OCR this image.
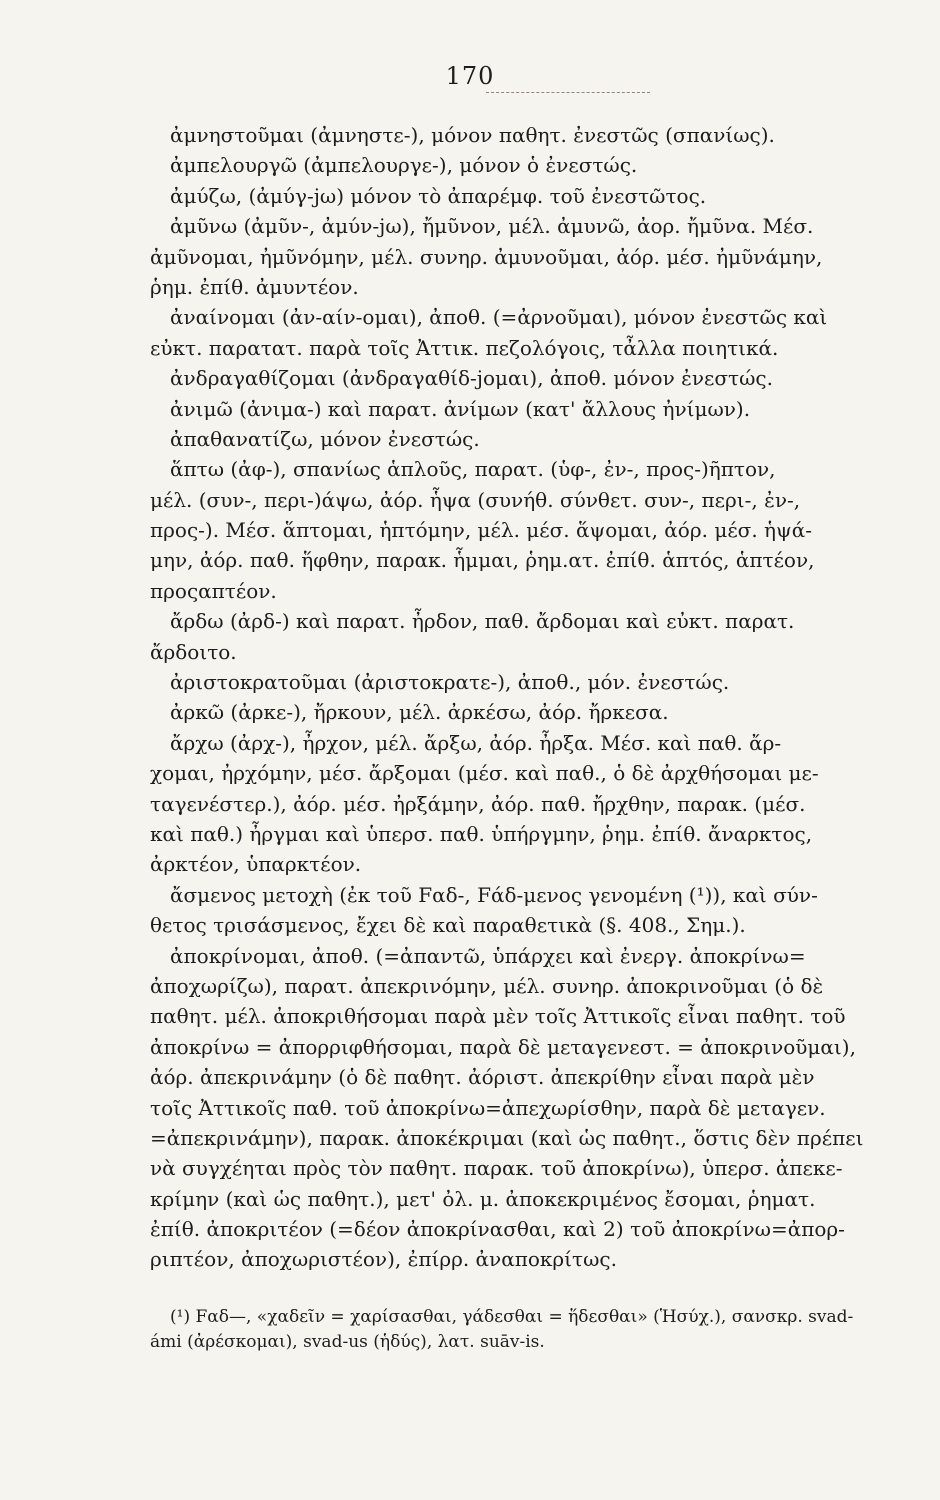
170
ἀμνηστοῦμαι (ἀμνηστε-), μόνον παθητ. ἐνεστῶς (σπανίως).
ἀμπελουργῶ (ἀμπελουργε-), μόνον ὁ ἐνεστώς.
ἀμύζω, (ἀμύγ-jω) μόνον τὸ ἀπαρέμφ. τοῦ ἐνεστῶτος.
ἀμῦνω (ἀμῦν-, ἀμύν-jω), ἤμῦνον, μέλ. ἀμυνῶ, ἀορ. ἤμῦνα. Μέσ.
ἀμῦνομαι, ἠμῦνόμην, μέλ. συνηρ. ἀμυνοῦμαι, ἀόρ. μέσ. ἠμῦνάμην,
ῥημ. ἐπίθ. ἀμυντέον.
ἀναίνομαι (ἀν-αίν-ομαι), ἀποθ. (=ἀρνοῦμαι), μόνον ἐνεστῶς καὶ
εὐκτ. παρατατ. παρὰ τοῖς Ἀττικ. πεζολόγοις, τἆλλα ποιητικά.
ἀνδραγαθίζομαι (ἀνδραγαθίδ-jομαι), ἀποθ. μόνον ἐνεστώς.
ἀνιμῶ (ἀνιμα-) καὶ παρατ. ἀνίμων (κατ' ἄλλους ἠνίμων).
ἀπαθανατίζω, μόνον ἐνεστώς.
ἅπτω (ἀφ-), σπανίως ἁπλοῦς, παρατ. (ὑφ-, ἐν-, προς-)ῆπτον,
μέλ. (συν-, περι-)άψω, ἀόρ. ἧψα (συνήθ. σύνθετ. συν-, περι-, ἐν-,
προς-). Μέσ. ἅπτομαι, ἡπτόμην, μέλ. μέσ. ἅψομαι, ἀόρ. μέσ. ἡψά-
μην, ἀόρ. παθ. ἥφθην, παρακ. ἧμμαι, ῥημ.ατ. ἐπίθ. ἁπτός, ἁπτέον,
προςαπτέον.
ἄρδω (ἀρδ-) καὶ παρατ. ἦρδον, παθ. ἄρδομαι καὶ εὐκτ. παρατ.
ἄρδοιτο.
ἀριστοκρατοῦμαι (ἀριστοκρατε-), ἀποθ., μόν. ἐνεστώς.
ἀρκῶ (ἀρκε-), ἤρκουν, μέλ. ἀρκέσω, ἀόρ. ἤρκεσα.
ἄρχω (ἀρχ-), ἦρχον, μέλ. ἄρξω, ἀόρ. ἦρξα. Μέσ. καὶ παθ. ἄρ-
χομαι, ἠρχόμην, μέσ. ἄρξομαι (μέσ. καὶ παθ., ὁ δὲ ἀρχθήσομαι με-
ταγενέστερ.), ἀόρ. μέσ. ἠρξάμην, ἀόρ. παθ. ἤρχθην, παρακ. (μέσ.
καὶ παθ.) ἦργμαι καὶ ὑπερσ. παθ. ὑπήργμην, ῥημ. ἐπίθ. ἄναρκτος,
ἀρκτέον, ὑπαρκτέον.
ἄσμενος μετοχὴ (ἐκ τοῦ Fαδ-, Fάδ-μενος γενομένη (¹)), καὶ σύν-
θετος τρισάσμενος, ἔχει δὲ καὶ παραθετικὰ (§. 408., Σημ.).
ἀποκρίνομαι, ἀποθ. (=ἀπαντῶ, ὑπάρχει καὶ ἐνεργ. ἀποκρίνω=
ἀποχωρίζω), παρατ. ἀπεκρινόμην, μέλ. συνηρ. ἀποκρινοῦμαι (ὁ δὲ
παθητ. μέλ. ἀποκριθήσομαι παρὰ μὲν τοῖς Ἀττικοῖς εἶναι παθητ. τοῦ
ἀποκρίνω = ἀπορριφθήσομαι, παρὰ δὲ μεταγενεστ. = ἀποκρινοῦμαι),
ἀόρ. ἀπεκρινάμην (ὁ δὲ παθητ. ἀόριστ. ἀπεκρίθην εἶναι παρὰ μὲν
τοῖς Ἀττικοῖς παθ. τοῦ ἀποκρίνω=ἀπεχωρίσθην, παρὰ δὲ μεταγεν.
=ἀπεκρινάμην), παρακ. ἀποκέκριμαι (καὶ ὡς παθητ., ὅστις δὲν πρέπει
νὰ συγχέηται πρὸς τὸν παθητ. παρακ. τοῦ ἀποκρίνω), ὑπερσ. ἀπεκε-
κρίμην (καὶ ὡς παθητ.), μετ' ὀλ. μ. ἀποκεκριμένος ἔσομαι, ῥηματ.
ἐπίθ. ἀποκριτέον (=δέον ἀποκρίνασθαι, καὶ 2) τοῦ ἀποκρίνω=ἀπορ-
ριπτέον, ἀποχωριστέον), ἐπίρρ. ἀναποκρίτως.
(¹) Fαδ—, «χαδεῖν = χαρίσασθαι, γάδεσθαι = ἥδεσθαι» (Ἡσύχ.), σανσκρ. svad-
ámi (ἀρέσκομαι), svad-us (ἡδύς), λατ. suāv-is.
